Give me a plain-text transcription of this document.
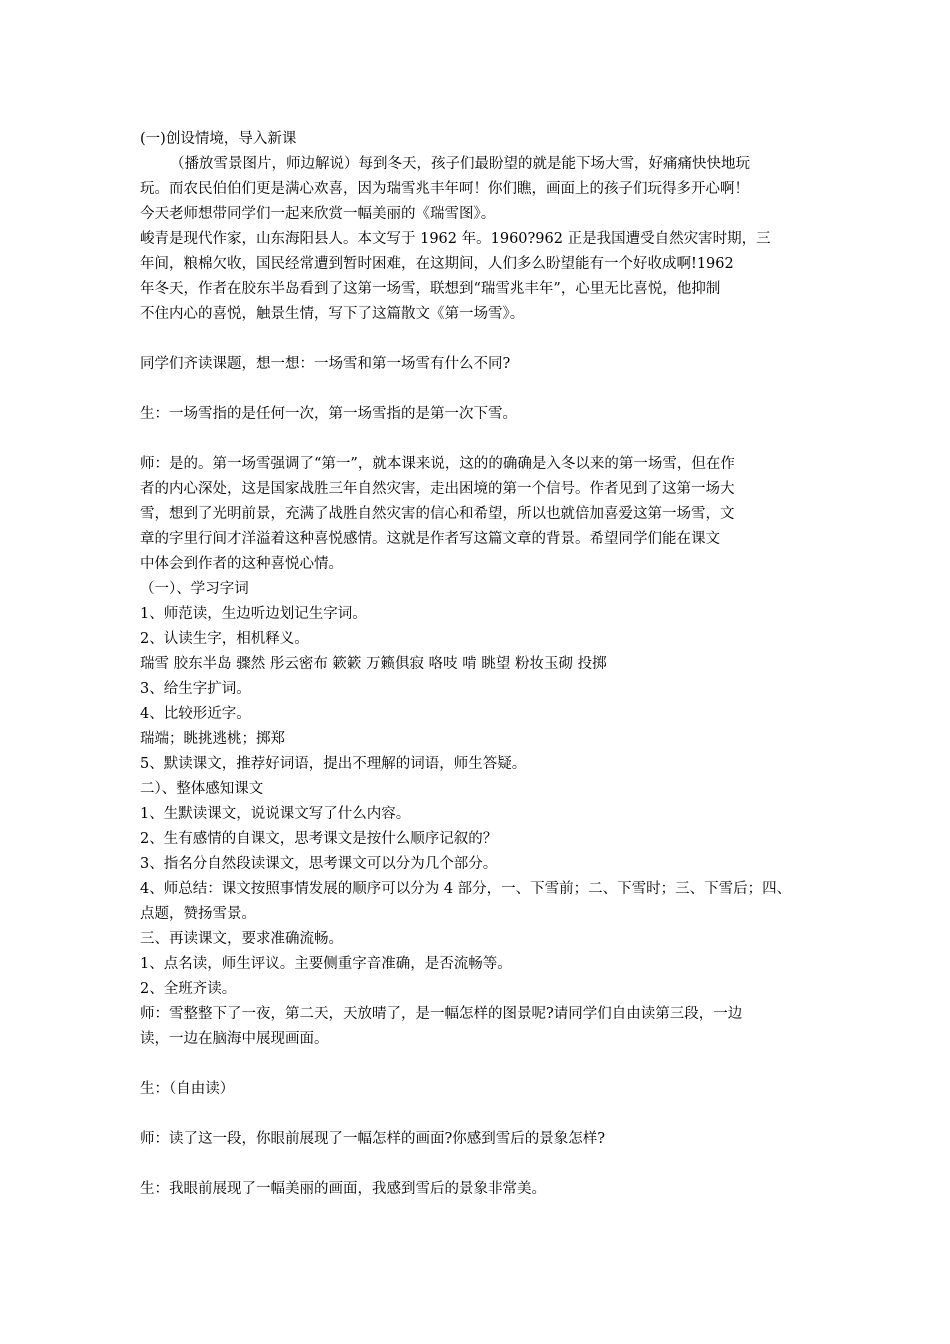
(一)创设情境，导入新课
（播放雪景图片，师边解说）每到冬天，孩子们最盼望的就是能下场大雪，好痛痛快快地玩
玩。而农民伯伯们更是满心欢喜，因为瑞雪兆丰年呵！你们瞧，画面上的孩子们玩得多开心啊！
今天老师想带同学们一起来欣赏一幅美丽的《瑞雪图》。
峻青是现代作家，山东海阳县人。本文写于 1962 年。1960?962 正是我国遭受自然灾害时期，三
年间，粮棉欠收，国民经常遭到暂时困难，在这期间，人们多么盼望能有一个好收成啊!1962
年冬天，作者在胶东半岛看到了这第一场雪，联想到“瑞雪兆丰年”，心里无比喜悦，他抑制
不住内心的喜悦，触景生情，写下了这篇散文《第一场雪》。
同学们齐读课题，想一想：一场雪和第一场雪有什么不同?
生：一场雪指的是任何一次，第一场雪指的是第一次下雪。
师：是的。第一场雪强调了“第一”，就本课来说，这的的确确是入冬以来的第一场雪，但在作
者的内心深处，这是国家战胜三年自然灾害，走出困境的第一个信号。作者见到了这第一场大
雪，想到了光明前景，充满了战胜自然灾害的信心和希望，所以也就倍加喜爱这第一场雪，文
章的字里行间才洋溢着这种喜悦感情。这就是作者写这篇文章的背景。希望同学们能在课文
中体会到作者的这种喜悦心情。
（一）、学习字词
1、师范读，生边听边划记生字词。
2、认读生字，相机释义。
瑞雪 胶东半岛 骤然 彤云密布 簌簌 万籁俱寂 咯吱 啃 眺望 粉妆玉砌 投掷
3、给生字扩词。
4、比较形近字。
瑞端；眺挑逃桃；掷郑
5、默读课文，推荐好词语，提出不理解的词语，师生答疑。
二）、整体感知课文
1、生默读课文，说说课文写了什么内容。
2、生有感情的自课文，思考课文是按什么顺序记叙的？
3、指名分自然段读课文，思考课文可以分为几个部分。
4、师总结：课文按照事情发展的顺序可以分为 4 部分，一、下雪前；二、下雪时；三、下雪后；四、
点题，赞扬雪景。
三、再读课文，要求准确流畅。
1、点名读，师生评议。主要侧重字音准确，是否流畅等。
2、全班齐读。
师：雪整整下了一夜，第二天，天放晴了，是一幅怎样的图景呢?请同学们自由读第三段，一边
读，一边在脑海中展现画面。
生：（自由读）
师：读了这一段，你眼前展现了一幅怎样的画面?你感到雪后的景象怎样?
生：我眼前展现了一幅美丽的画面，我感到雪后的景象非常美。
